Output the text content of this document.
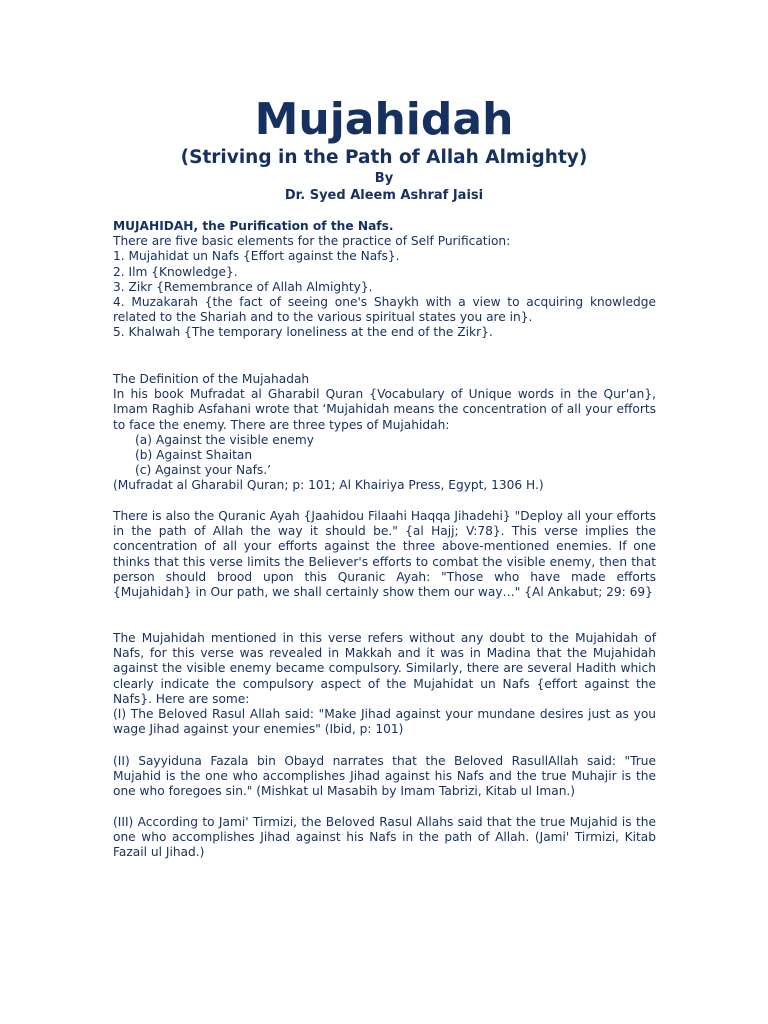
Mujahidah
(Striving in the Path of Allah Almighty)
By
Dr. Syed Aleem Ashraf Jaisi

MUJAHIDAH, the Purification of the Nafs.

There are five basic elements for the practice of Self Purification:

1. Mujahidat un Nafs {Effort against the Nafs}.

2. Ilm {Knowledge}.

3. Zikr {Remembrance of Allah Almighty}.

4. Muzakarah {the fact of seeing one's Shaykh with a view to acquiring knowledge related to the Shariah and to the various spiritual states you are in}.

5. Khalwah {The temporary loneliness at the end of the Zikr}.

The Definition of the Mujahadah

In his book Mufradat al Gharabil Quran {Vocabulary of Unique words in the Qur'an}, Imam Raghib Asfahani wrote that ‘Mujahidah means the concentration of all your efforts to face the enemy. There are three types of Mujahidah:

(a) Against the visible enemy

(b) Against Shaitan

(c) Against your Nafs.’

(Mufradat al Gharabil Quran; p: 101; Al Khairiya Press, Egypt, 1306 H.)

There is also the Quranic Ayah {Jaahidou Filaahi Haqqa Jihadehi} "Deploy all your efforts in the path of Allah the way it should be." {al Hajj; V:78}. This verse implies the concentration of all your efforts against the three above-mentioned enemies. If one thinks that this verse limits the Believer's efforts to combat the visible enemy, then that person should brood upon this Quranic Ayah: "Those who have made efforts {Mujahidah} in Our path, we shall certainly show them our way…" {Al Ankabut; 29: 69}

The Mujahidah mentioned in this verse refers without any doubt to the Mujahidah of Nafs, for this verse was revealed in Makkah and it was in Madina that the Mujahidah against the visible enemy became compulsory. Similarly, there are several Hadith which clearly indicate the compulsory aspect of the Mujahidat un Nafs {effort against the Nafs}. Here are some:

(I) The Beloved Rasul Allah said: "Make Jihad against your mundane desires just as you wage Jihad against your enemies" (Ibid, p: 101)

(II) Sayyiduna Fazala bin Obayd narrates that the Beloved RasullAllah said: "True Mujahid is the one who accomplishes Jihad against his Nafs and the true Muhajir is the one who foregoes sin." (Mishkat ul Masabih by Imam Tabrizi, Kitab ul Iman.)

(III) According to Jami' Tirmizi, the Beloved Rasul Allahs said that the true Mujahid is the one who accomplishes Jihad against his Nafs in the path of Allah. (Jami' Tirmizi, Kitab Fazail ul Jihad.)
